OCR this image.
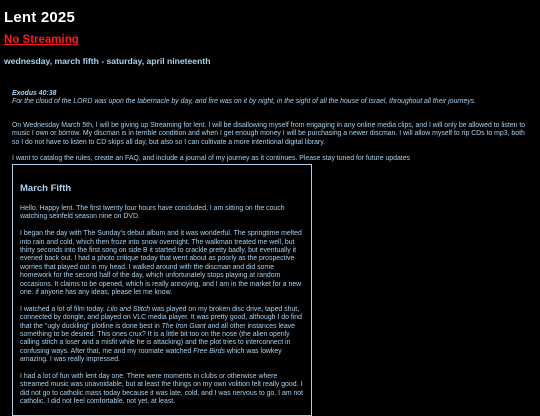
Lent 2025
No Streaming
wednesday, march fifth - saturday, april nineteenth
Exodus 40:38
For the cloud of the LORD was upon the tabernacle by day, and fire was on it by night, in the sight of all the house of Israel, throughout all their journeys.
On Wednesday March 5th, I will be giving up Streaming for lent. I will be disallowing myself from engaging in any online media clips, and I will only be allowed to listen to music I own or borrow. My discman is in terrible condition and when I get enough money I will be purchasing a newer discman. I will allow myself to rip CDs to mp3, both so I do not have to listen to CD skips all day, but also so I can cultivate a more intentional digital library.
I want to catalog the rules, create an FAQ, and include a journal of my journey as it continues. Please stay tuned for future updates
March Fifth

Hello. Happy lent. The first twenty four hours have concluded, I am sitting on the couch watching seinfeld season nine on DVD.

I began the day with The Sunday's debut album and it was wonderful. The springtime melted into rain and cold, which then froze into snow overnight. The walkman treated me well, but thirty seconds into the first song on side B it started to crackle pretty badly, but eventually it evened back out. I had a photo critique today that went about as poorly as the prospective worries that played out in my head. I walked around with the discman and did some homework for the second half of the day, which unfortunately stops playing at random occasions. It claims to be opened, which is really annoying, and I am in the market for a new one. if anyone has any ideas, please let me know.

I watched a lot of film today. Lilo and Stitch was played on my broken disc drive, taped shut, connected by dongle, and played on VLC media player. It was pretty good, although I do find that the "ugly duckling" plotline is done best in The Iron Giant and all other instances leave something to be desired. This ones crux? It is a little bit too on the nose (the alien openly calling stitch a loser and a misfit while he is attacking) and the plot tries to interconnect in confusing ways. After that, me and my roomate watched Free Birds which was lowkey amazing. I was really impressed.

I had a lot of fun with lent day one. There were moments in clubs or otherwise where streamed music was unavoidable, but at least the things on my own volition felt really good. I did not go to catholic mass today because it was late, cold, and I was nervous to go. I am not catholic. I did not feel comfortable. not yet, at least.
